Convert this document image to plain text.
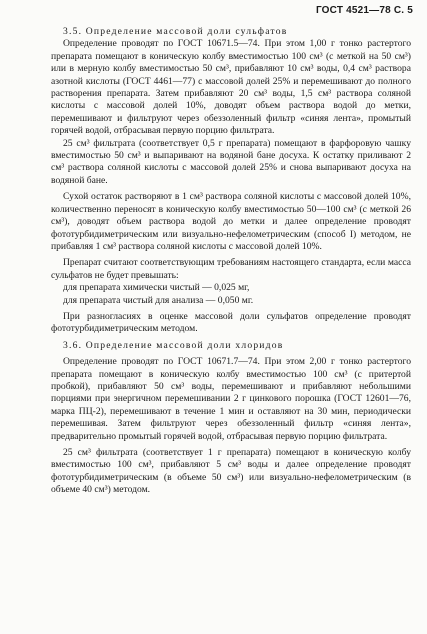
ГОСТ 4521—78 С. 5

3.5. Определение массовой доли сульфатов

Определение проводят по ГОСТ 10671.5—74. При этом 1,00 г тонко растертого препарата помещают в коническую колбу вместимостью 100 см³ (с меткой на 50 см³) или в мерную колбу вместимостью 50 см³, прибавляют 10 см³ воды, 0,4 см³ раствора азотной кислоты (ГОСТ 4461—77) с массовой долей 25% и перемешивают до полного растворения препарата. Затем прибавляют 20 см³ воды, 1,5 см³ раствора соляной кислоты с массовой долей 10%, доводят объем раствора водой до метки, перемешивают и фильтруют через обеззоленный фильтр «синяя лента», промытый горячей водой, отбрасывая первую порцию фильтрата.

25 см³ фильтрата (соответствует 0,5 г препарата) помещают в фарфоровую чашку вместимостью 50 см³ и выпаривают на водяной бане досуха. К остатку приливают 2 см³ раствора соляной кислоты с массовой долей 25% и снова выпаривают досуха на водяной бане.

Сухой остаток растворяют в 1 см³ раствора соляной кислоты с массовой долей 10%, количественно переносят в коническую колбу вместимостью 50—100 см³ (с меткой 26 см³), доводят объем раствора водой до метки и далее определение проводят фототурбидиметрическим или визуально-нефелометрическим (способ I) методом, не прибавляя 1 см³ раствора соляной кислоты с массовой долей 10%.

Препарат считают соответствующим требованиям настоящего стандарта, если масса сульфатов не будет превышать:

для препарата химически чистый — 0,025 мг,

для препарата чистый для анализа — 0,050 мг.

При разногласиях в оценке массовой доли сульфатов определение проводят фототурбидиметрическим методом.

3.6. Определение массовой доли хлоридов

Определение проводят по ГОСТ 10671.7—74. При этом 2,00 г тонко растертого препарата помещают в коническую колбу вместимостью 100 см³ (с притертой пробкой), прибавляют 50 см³ воды, перемешивают и прибавляют небольшими порциями при энергичном перемешивании 2 г цинкового порошка (ГОСТ 12601—76, марка ПЦ-2), перемешивают в течение 1 мин и оставляют на 30 мин, периодически перемешивая. Затем фильтруют через обеззоленный фильтр «синяя лента», предварительно промытый горячей водой, отбрасывая первую порцию фильтрата.

25 см³ фильтрата (соответствует 1 г препарата) помещают в коническую колбу вместимостью 100 см³, прибавляют 5 см³ воды и далее определение проводят фототурбидиметрическим (в объеме 50 см³) или визуально-нефелометрическим (в объеме 40 см³) методом.
